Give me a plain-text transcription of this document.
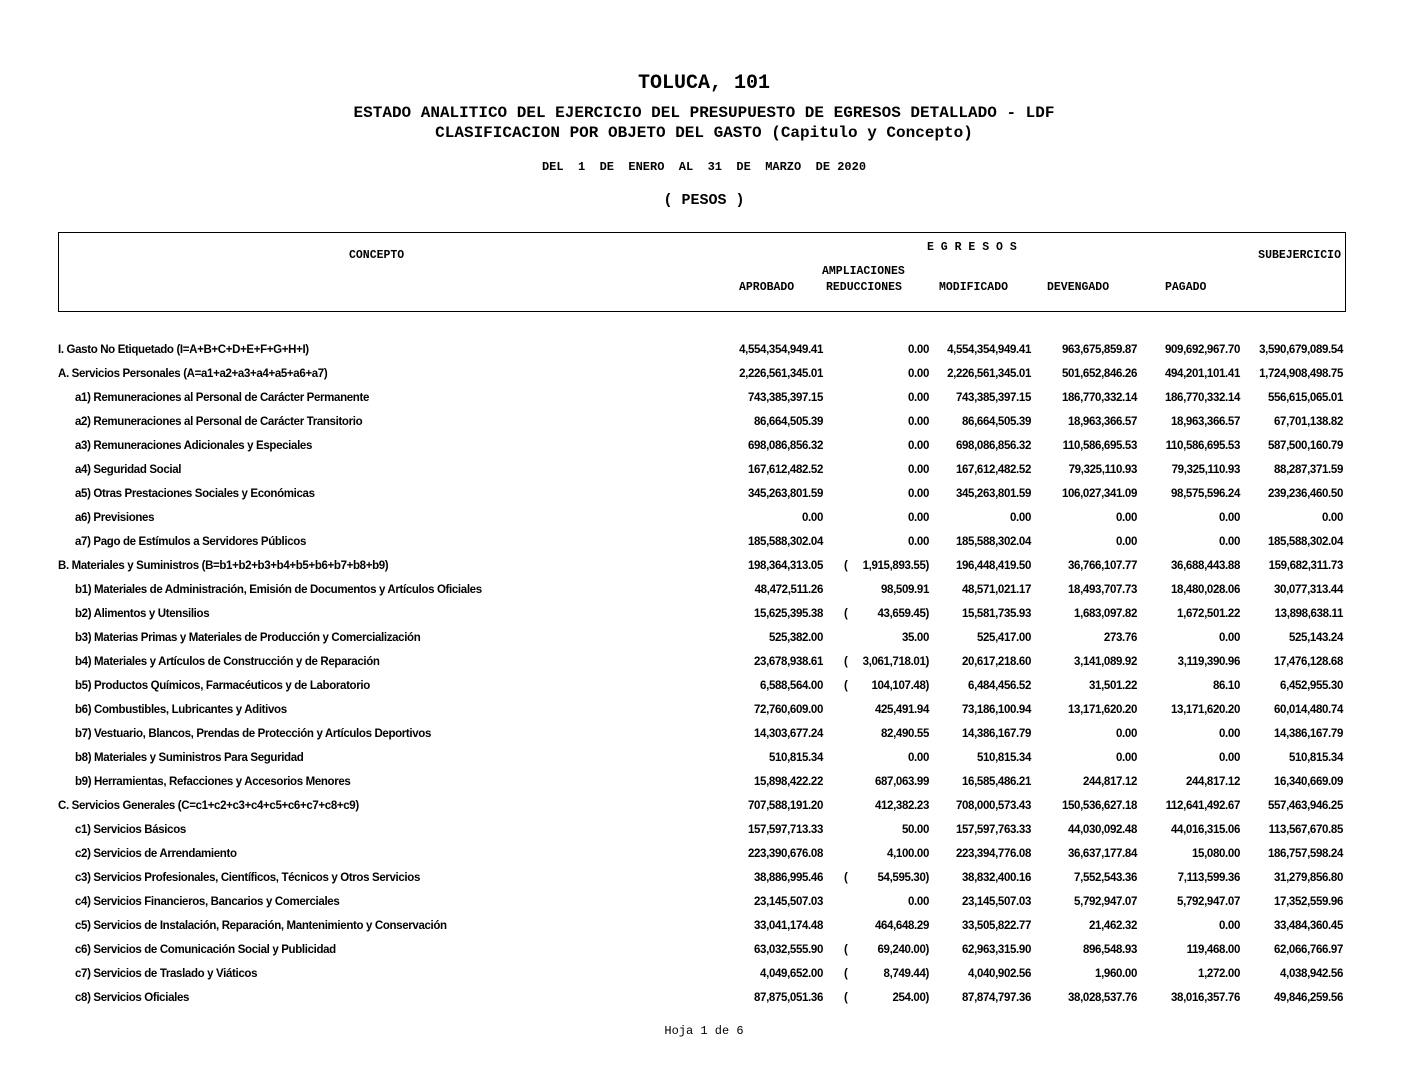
TOLUCA, 101
ESTADO ANALITICO DEL EJERCICIO DEL PRESUPUESTO DE EGRESOS DETALLADO - LDF
CLASIFICACION POR OBJETO DEL GASTO (Capitulo y Concepto)
DEL  1  DE  ENERO  AL  31  DE  MARZO  DE 2020
( PESOS )
CONCEPTO
E G R E S O S
SUBEJERCICIO
AMPLIACIONES
APROBADO	REDUCCIONES	MODIFICADO	DEVENGADO	PAGADO
I. Gasto No Etiquetado (I=A+B+C+D+E+F+G+H+I)	4,554,354,949.41	0.00 4,554,354,949.41	963,675,859.87 909,692,967.70 3,590,679,089.54
A. Servicios Personales (A=a1+a2+a3+a4+a5+a6+a7)	2,226,561,345.01	0.00 2,226,561,345.01	501,652,846.26 494,201,101.41 1,724,908,498.75
a1) Remuneraciones al Personal de Carácter Permanente	743,385,397.15	0.00 743,385,397.15	186,770,332.14 186,770,332.14 556,615,065.01
a2) Remuneraciones al Personal de Carácter Transitorio	86,664,505.39	0.00	86,664,505.39	18,963,366.57	18,963,366.57	67,701,138.82
a3) Remuneraciones Adicionales y Especiales	698,086,856.32	0.00 698,086,856.32	110,586,695.53 110,586,695.53 587,500,160.79
a4) Seguridad Social	167,612,482.52	0.00 167,612,482.52	79,325,110.93	79,325,110.93	88,287,371.59
a5) Otras Prestaciones Sociales y Económicas	345,263,801.59	0.00 345,263,801.59	106,027,341.09	98,575,596.24 239,236,460.50
a6) Previsiones	0.00	0.00	0.00	0.00	0.00	0.00
a7) Pago de Estímulos a Servidores Públicos	185,588,302.04	0.00 185,588,302.04	0.00	0.00 185,588,302.04
B. Materiales y Suministros (B=b1+b2+b3+b4+b5+b6+b7+b8+b9)	198,364,313.05 ( 1,915,893.55) 196,448,419.50	36,766,107.77	36,688,443.88 159,682,311.73
b1) Materiales de Administración, Emisión de Documentos y Artículos Oficiales	48,472,511.26	98,509.91	48,571,021.17	18,493,707.73	18,480,028.06	30,077,313.44
b2) Alimentos y Utensilios	15,625,395.38 (	43,659.45)	15,581,735.93	1,683,097.82	1,672,501.22	13,898,638.11
b3) Materias Primas y Materiales de Producción y Comercialización	525,382.00	35.00	525,417.00	273.76	0.00	525,143.24
b4) Materiales y Artículos de Construcción y de Reparación	23,678,938.61 ( 3,061,718.01)	20,617,218.60	3,141,089.92	3,119,390.96	17,476,128.68
b5) Productos Químicos, Farmacéuticos y de Laboratorio	6,588,564.00 ( 104,107.48)	6,484,456.52	31,501.22	86.10	6,452,955.30
b6) Combustibles, Lubricantes y Aditivos	72,760,609.00	425,491.94	73,186,100.94	13,171,620.20	13,171,620.20	60,014,480.74
b7) Vestuario, Blancos, Prendas de Protección y Artículos Deportivos	14,303,677.24	82,490.55	14,386,167.79	0.00	0.00	14,386,167.79
b8) Materiales y Suministros Para Seguridad	510,815.34	0.00	510,815.34	0.00	0.00	510,815.34
b9) Herramientas, Refacciones y Accesorios Menores	15,898,422.22	687,063.99	16,585,486.21	244,817.12	244,817.12	16,340,669.09
C. Servicios Generales (C=c1+c2+c3+c4+c5+c6+c7+c8+c9)	707,588,191.20	412,382.23 708,000,573.43	150,536,627.18 112,641,492.67 557,463,946.25
c1) Servicios Básicos	157,597,713.33	50.00 157,597,763.33	44,030,092.48	44,016,315.06 113,567,670.85
c2) Servicios de Arrendamiento	223,390,676.08	4,100.00 223,394,776.08	36,637,177.84	15,080.00 186,757,598.24
c3) Servicios Profesionales, Científicos, Técnicos y Otros Servicios	38,886,995.46 (	54,595.30)	38,832,400.16	7,552,543.36	7,113,599.36	31,279,856.80
c4) Servicios Financieros, Bancarios y Comerciales	23,145,507.03	0.00	23,145,507.03	5,792,947.07	5,792,947.07	17,352,559.96
c5) Servicios de Instalación, Reparación, Mantenimiento y Conservación	33,041,174.48	464,648.29	33,505,822.77	21,462.32	0.00	33,484,360.45
c6) Servicios de Comunicación Social y Publicidad	63,032,555.90 (	69,240.00)	62,963,315.90	896,548.93	119,468.00	62,066,766.97
c7) Servicios de Traslado y Viáticos	4,049,652.00 (	8,749.44)	4,040,902.56	1,960.00	1,272.00	4,038,942.56
c8) Servicios Oficiales	87,875,051.36 (	254.00)	87,874,797.36	38,028,537.76	38,016,357.76	49,846,259.56
Hoja 1 de 6
